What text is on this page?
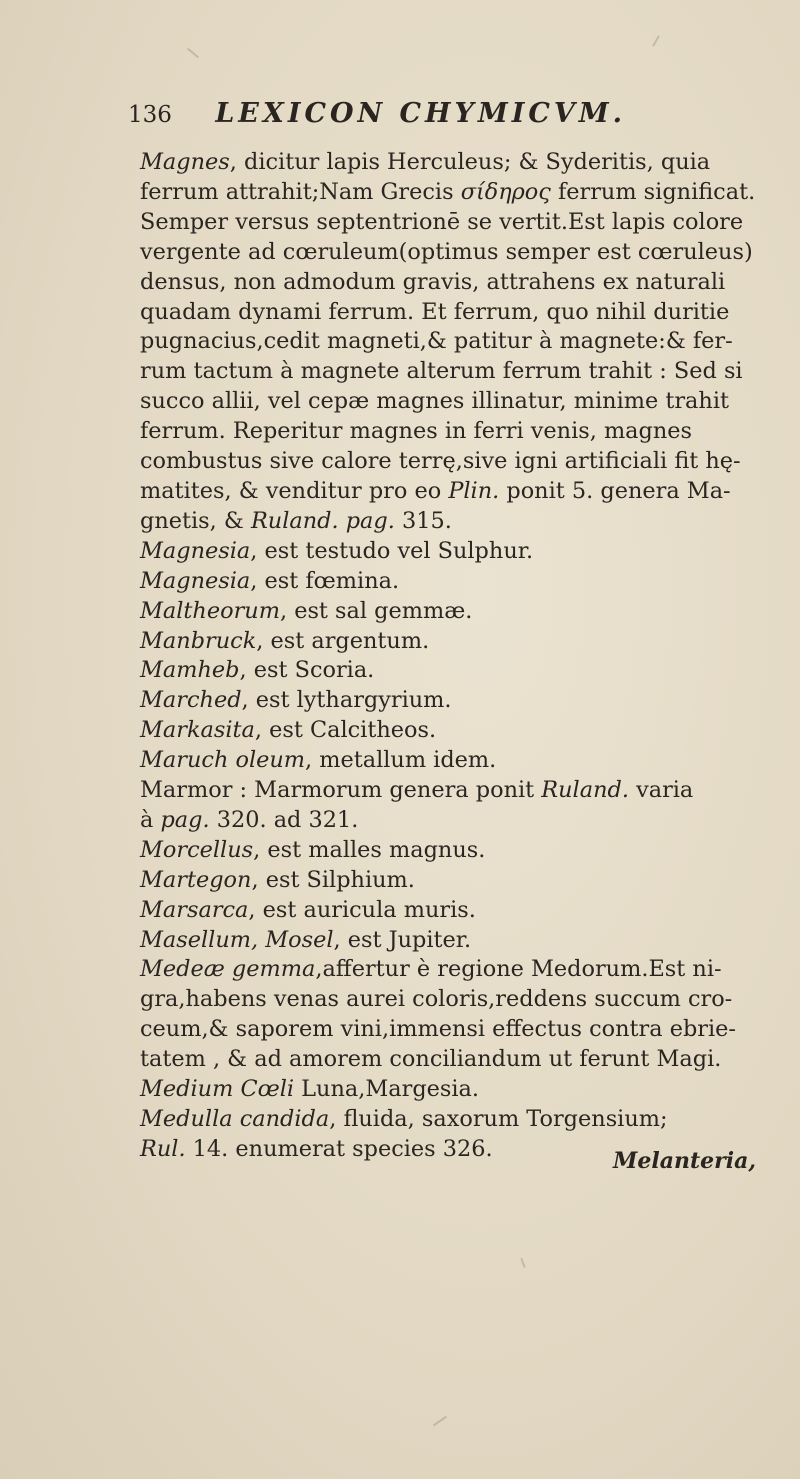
136 LEXICON CHYMICVM.
Magnes, dicitur lapis Herculeus; & Syderitis, quia
ferrum attrahit;Nam Grecis σίδηρος ferrum significat.
Semper versus septentrionē se vertit.Est lapis colore
vergente ad cœruleum(optimus semper est cœruleus)
densus, non admodum gravis, attrahens ex naturali
quadam dynami ferrum. Et ferrum, quo nihil duritie
pugnacius,cedit magneti,& patitur à magnete:& fer-
rum tactum à magnete alterum ferrum trahit : Sed si
succo allii, vel cepæ magnes illinatur, minime trahit
ferrum. Reperitur magnes in ferri venis, magnes
combustus sive calore terrę,sive igni artificiali fit hę-
matites, & venditur pro eo Plin. ponit 5. genera Ma-
gnetis, & Ruland. pag. 315.
Magnesia, est testudo vel Sulphur.
Magnesia, est fœmina.
Maltheorum, est sal gemmæ.
Manbruck, est argentum.
Mamheb, est Scoria.
Marched, est lythargyrium.
Markasita, est Calcitheos.
Maruch oleum, metallum idem.
Marmor : Marmorum genera ponit Ruland. varia
à pag. 320. ad 321.
Morcellus, est malles magnus.
Martegon, est Silphium.
Marsarca, est auricula muris.
Masellum, Mosel, est Jupiter.
Medeæ gemma,affertur è regione Medorum.Est ni-
gra,habens venas aurei coloris,reddens succum cro-
ceum,& saporem vini,immensi effectus contra ebrie-
tatem , & ad amorem conciliandum ut ferunt Magi.
Medium Cœli Luna,Margesia.
Medulla candida, fluida, saxorum Torgensium;
Rul. 14. enumerat species 326.	Melanteria,
